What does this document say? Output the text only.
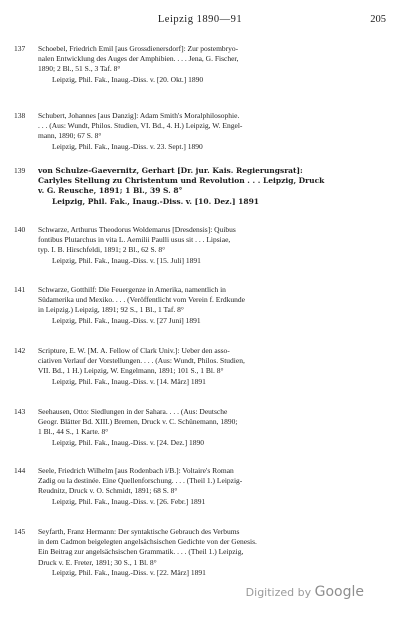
Leipzig 1890—91	205
137	Schoebel, Friedrich Emil [aus Grossdienersdorf]: Zur postembryo-
nalen Entwicklung des Auges der Amphibien. . . . Jena, G. Fischer,
1890; 2 Bl., 51 S., 3 Taf. 8°
Leipzig, Phil. Fak., Inaug.-Diss. v. [20. Okt.] 1890
138	Schubert, Johannes [aus Danzig]: Adam Smith's Moralphilosophie.
. . . (Aus: Wundt, Philos. Studien, VI. Bd., 4. H.) Leipzig, W. Engel-
mann, 1890; 67 S. 8°
Leipzig, Phil. Fak., Inaug.-Diss. v. 23. Sept.] 1890
139	von Schulze-Gaevernitz, Gerhart [Dr. jur. Kais. Regierungsrat]:
Carlyles Stellung zu Christentum und Revolution . . . Leipzig, Druck
v. G. Reusche, 1891; 1 Bl., 39 S. 8°
Leipzig, Phil. Fak., Inaug.-Diss. v. [10. Dez.] 1891
140	Schwarze, Arthurus Theodorus Woldemarus [Dresdensis]: Quibus
fontibus Plutarchus in vita L. Aemilii Paulli usus sit . . . Lipsiae,
typ. I. B. Hirschfeldi, 1891; 2 Bl., 62 S. 8°
Leipzig, Phil. Fak., Inaug.-Diss. v. [15. Juli] 1891
141	Schwarze, Gotthilf: Die Feuergenze in Amerika, namentlich in
Südamerika und Mexiko. . . . (Veröffentlicht vom Verein f. Erdkunde
in Leipzig.) Leipzig, 1891; 92 S., 1 Bl., 1 Taf. 8°
Leipzig, Phil. Fak., Inaug.-Diss. v. [27 Juni] 1891
142	Scripture, E. W. [M. A. Fellow of Clark Univ.]: Ueber den asso-
ciativen Verlauf der Vorstellungen. . . . (Aus: Wundt, Philos. Studien,
VII. Bd., 1 H.) Leipzig, W. Engelmann, 1891; 101 S., 1 Bl. 8°
Leipzig, Phil. Fak., Inaug.-Diss. v. [14. März] 1891
143	Seehausen, Otto: Siedlungen in der Sahara. . . . (Aus: Deutsche
Geogr. Blätter Bd. XIII.) Bremen, Druck v. C. Schünemann, 1890;
1 Bl., 44 S., 1 Karte. 8°
Leipzig, Phil. Fak., Inaug.-Diss. v. [24. Dez.] 1890
144	Seele, Friedrich Wilhelm [aus Rodenbach i/B.]: Voltaire's Roman
Zadig ou la destinée. Eine Quellenforschung. . . . (Theil 1.) Leipzig-
Reudnitz, Druck v. O. Schmidt, 1891; 68 S. 8°
Leipzig, Phil. Fak., Inaug.-Diss. v. [26. Febr.] 1891
145	Seyfarth, Franz Hermann: Der syntaktische Gebrauch des Verbums
in dem Cadmon beigelegten angelsächsischen Gedichte von der Genesis.
Ein Beitrag zur angelsächsischen Grammatik. . . . (Theil 1.) Leipzig,
Druck v. E. Freter, 1891; 30 S., 1 Bl. 8°
Leipzig, Phil. Fak., Inaug.-Diss. v. [22. März] 1891
Digitized by Google
